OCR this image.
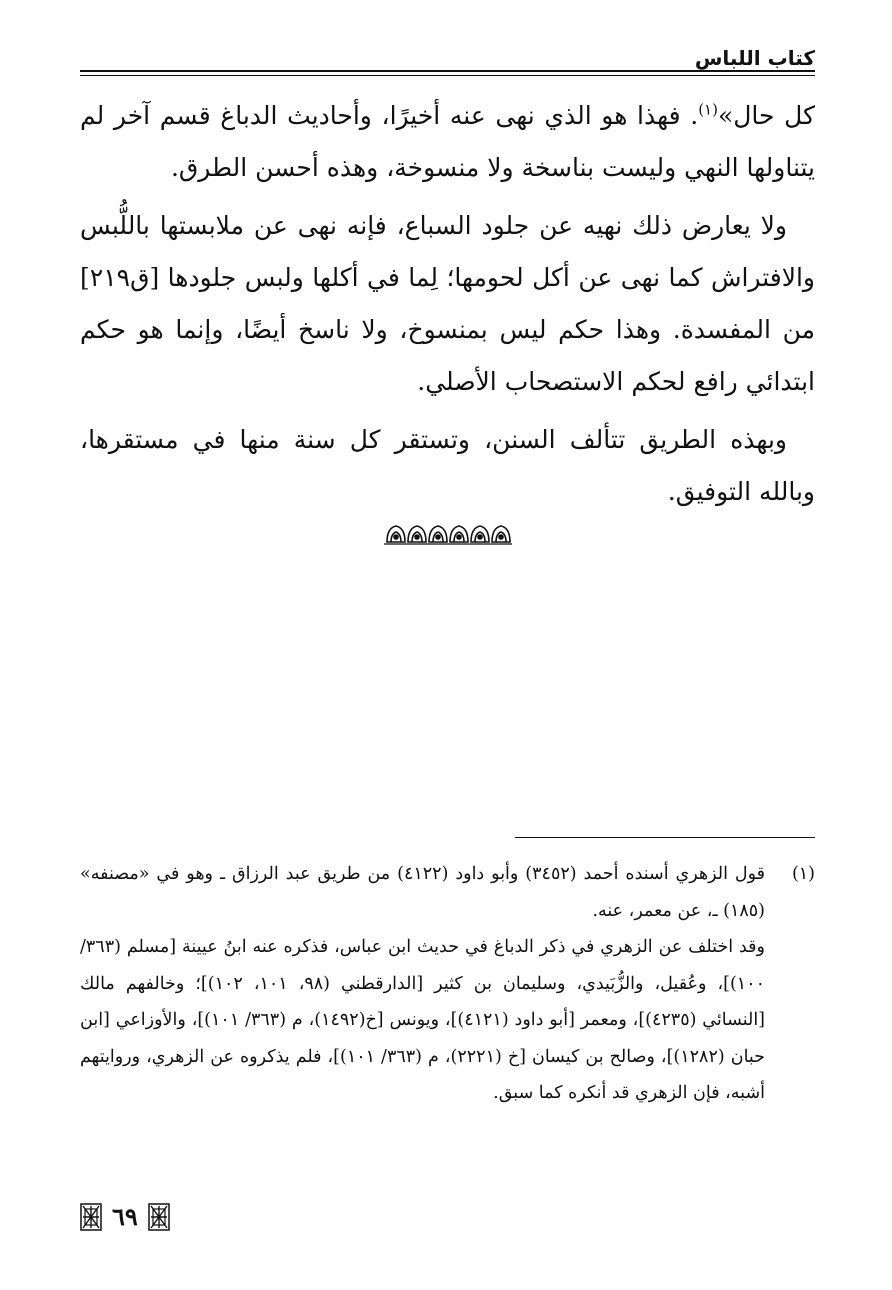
كتاب اللباس

كل حال»$^{(١)}$. فهذا هو الذي نهى عنه أخيرًا، وأحاديث الدباغ قسم آخر لم يتناولها النهي وليست بناسخة ولا منسوخة، وهذه أحسن الطرق.

ولا يعارض ذلك نهيه عن جلود السباع، فإنه نهى عن ملابستها باللُّبس والافتراش كما نهى عن أكل لحومها؛ لِما في أكلها ولبس جلودها [ق٢١٩] من المفسدة. وهذا حكم ليس بمنسوخ، ولا ناسخ أيضًا، وإنما هو حكم ابتدائي رافع لحكم الاستصحاب الأصلي.

وبهذه الطريق تتألف السنن، وتستقر كل سنة منها في مستقرها، وبالله التوفيق.

(١)

قول الزهري أسنده أحمد (٣٤٥٢) وأبو داود (٤١٢٢) من طريق عبد الرزاق ـ وهو في «مصنفه» (١٨٥) ـ، عن معمر، عنه.

وقد اختلف عن الزهري في ذكر الدباغ في حديث ابن عباس، فذكره عنه ابنُ عيينة [مسلم (٣٦٣/ ١٠٠)]، وعُقيل، والزُّبَيدي، وسليمان بن كثير [الدارقطني (٩٨، ١٠١، ١٠٢)]؛ وخالفهم مالك [النسائي (٤٢٣٥)]، ومعمر [أبو داود (٤١٢١)]، ويونس [خ(١٤٩٢)، م (٣٦٣/ ١٠١)]، والأوزاعي [ابن حبان (١٢٨٢)]، وصالح بن كيسان [خ (٢٢٢١)، م (٣٦٣/ ١٠١)]، فلم يذكروه عن الزهري، وروايتهم أشبه، فإن الزهري قد أنكره كما سبق.

٦٩
